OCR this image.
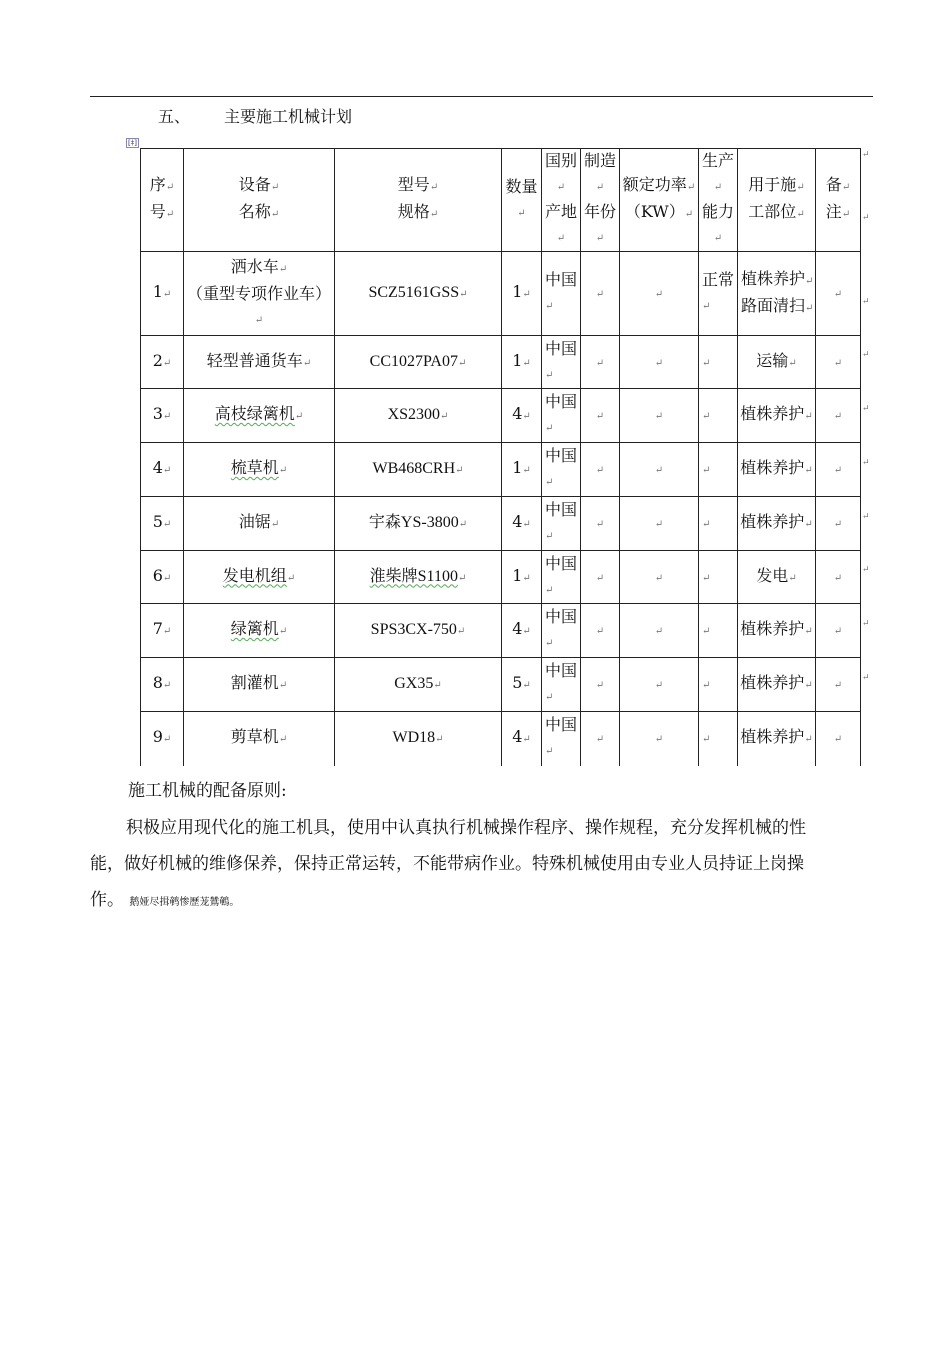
五、 主要施工机械计划
[‡]
序↵
号↵	设备↵
名称↵	型号↵
规格↵	数量↵	国别↵
产地↵	制造↵
年份↵	额定功率↵
（KW）↵	生产↵
能力↵	用于施↵
工部位↵	备↵
注↵
1↵	洒水车↵
（重型专项作业车）↵	SCZ5161GSS↵	1↵	中国↵	↵	↵	正常↵	植株养护↵
路面清扫↵	↵
2↵	轻型普通货车↵	CC1027PA07↵	1↵	中国↵	↵	↵	↵	运输↵	↵
3↵	高枝绿篱机↵	XS2300↵	4↵	中国↵	↵	↵	↵	植株养护↵	↵
4↵	梳草机↵	WB468CRH↵	1↵	中国↵	↵	↵	↵	植株养护↵	↵
5↵	油锯↵	宇森YS-3800↵	4↵	中国↵	↵	↵	↵	植株养护↵	↵
6↵	发电机组↵	淮柴牌S1100↵	1↵	中国↵	↵	↵	↵	发电↵	↵
7↵	绿篱机↵	SPS3CX-750↵	4↵	中国↵	↵	↵	↵	植株养护↵	↵
8↵	割灌机↵	GX35↵	5↵	中国↵	↵	↵	↵	植株养护↵	↵
9↵	剪草机↵	WD18↵	4↵	中国↵	↵	↵	↵	植株养护↵	↵
↵
↵
↵
↵
↵
↵
↵
↵
↵
↵
施工机械的配备原则:
积极应用现代化的施工机具，使用中认真执行机械操作程序、操作规程，充分发挥机械的性能，做好机械的维修保养，保持正常运转，不能带病作业。特殊机械使用由专业人员持证上岗操作。 鹅娅尽揖鹌惨歷茏鷥鵪。
